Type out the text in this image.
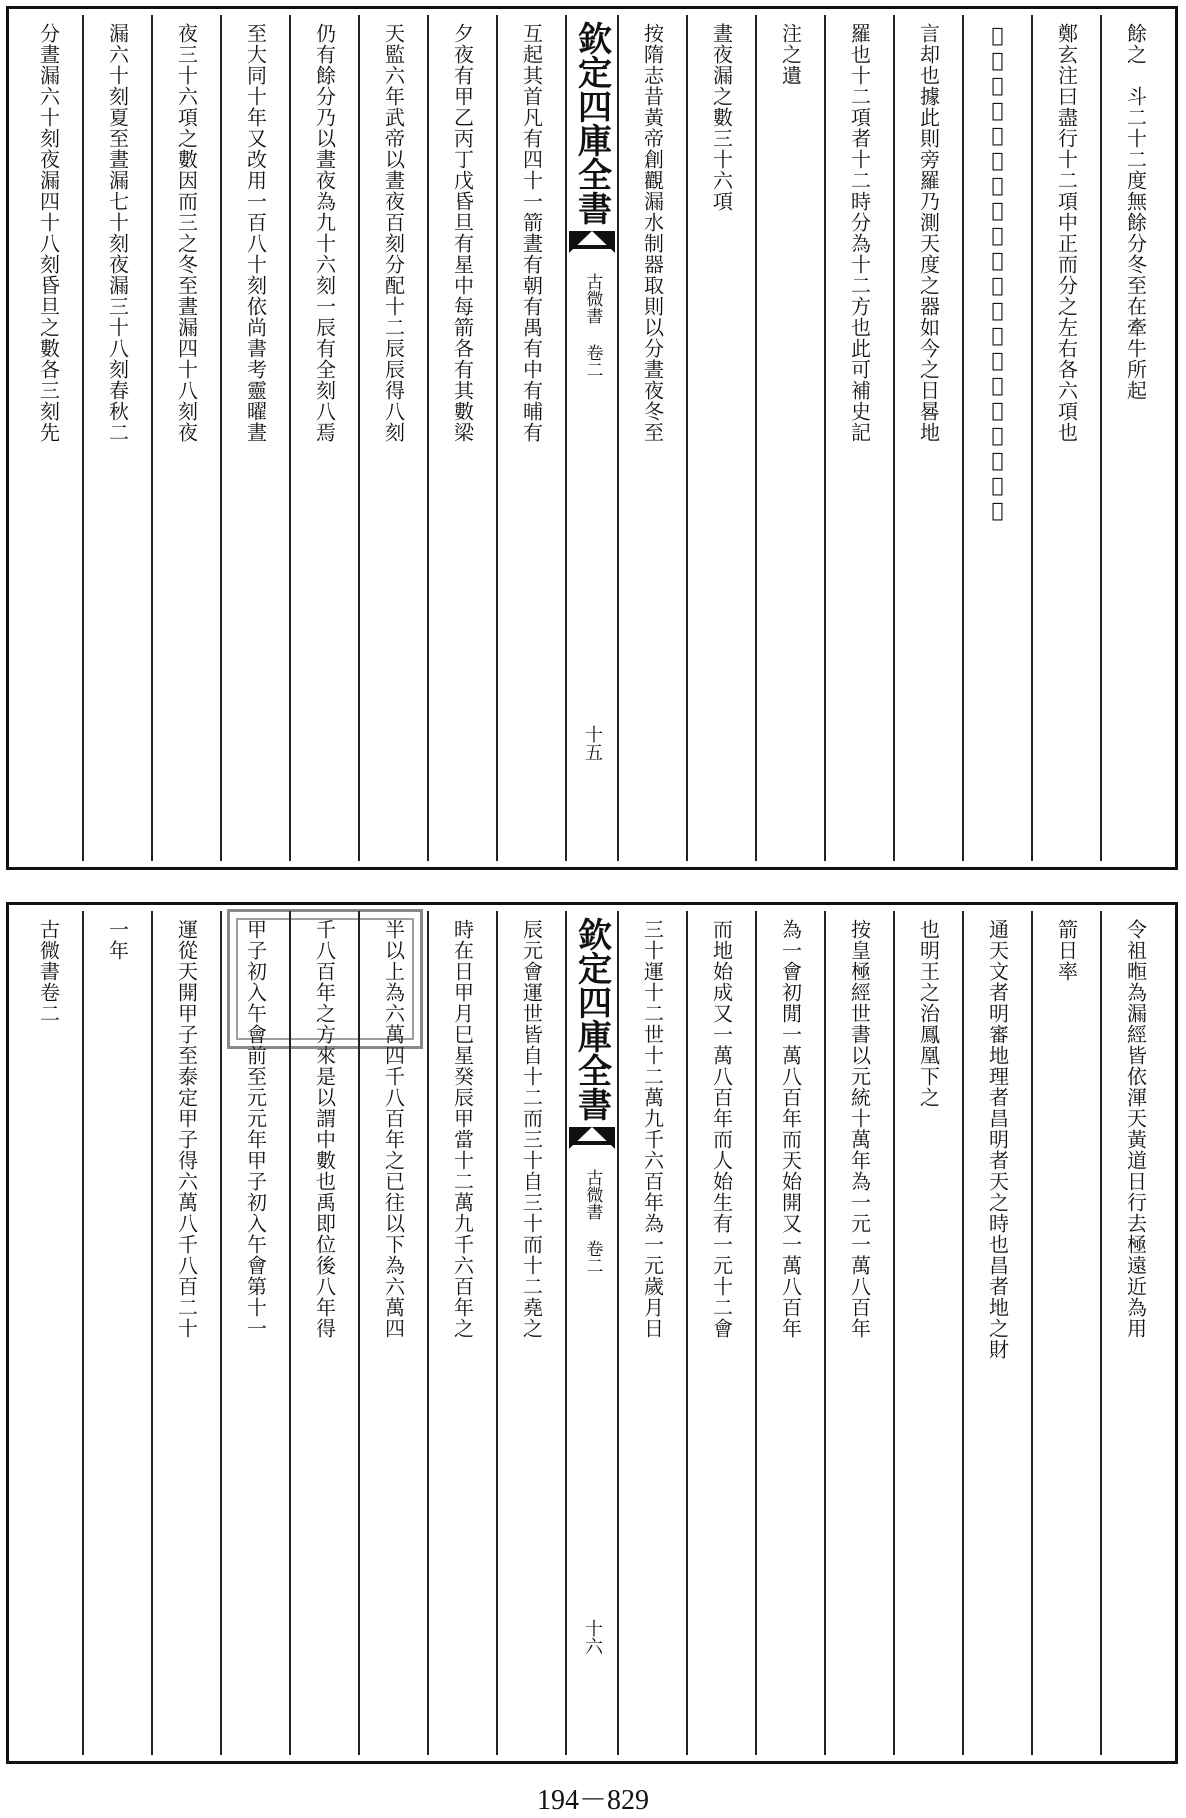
餘之　斗二十二度無餘分冬至在牽牛所起
鄭玄注曰盡行十二項中正而分之左右各六項也
𨩲猶羅也昏中在日前故言順數也明中在日後故
言却也據此則旁羅乃測天度之器如今之日晷地
羅也十二項者十二時分為十二方也此可補史記
注之遺
晝夜漏之數三十六項
按隋志昔黃帝創觀漏水制器取則以分晝夜冬至
欽定四庫全書
古微書 卷二
十五
互起其首凡有四十一箭晝有朝有禺有中有晡有
夕夜有甲乙丙丁戊昏旦有星中每箭各有其數梁
天監六年武帝以晝夜百刻分配十二辰辰得八刻
仍有餘分乃以晝夜為九十六刻一辰有全刻八焉
至大同十年又改用一百八十刻依尚書考靈曜晝
夜三十六項之數因而三之冬至晝漏四十八刻夜
漏六十刻夏至晝漏七十刻夜漏三十八刻春秋二
分晝漏六十刻夜漏四十八刻昏旦之數各三刻先
令祖暅為漏經皆依渾天黃道日行去極遠近為用
箭日率
通天文者明審地理者昌明者天之時也昌者地之財
也明王之治鳳凰下之
按皇極經世書以元統十萬年為一元一萬八百年
為一會初閒一萬八百年而天始開又一萬八百年
而地始成又一萬八百年而人始生有一元十二會
三十運十二世十二萬九千六百年為一元歲月日
欽定四庫全書
古微書 卷二
十六
辰元會運世皆自十二而三十自三十而十二堯之
時在日甲月巳星癸辰甲當十二萬九千六百年之
半以上為六萬四千八百年之已往以下為六萬四
千八百年之方來是以謂中數也禹即位後八年得
甲子初入午會前至元元年甲子初入午會第十一
運從天開甲子至泰定甲子得六萬八千八百二十
一年
古微書卷二
194－829
